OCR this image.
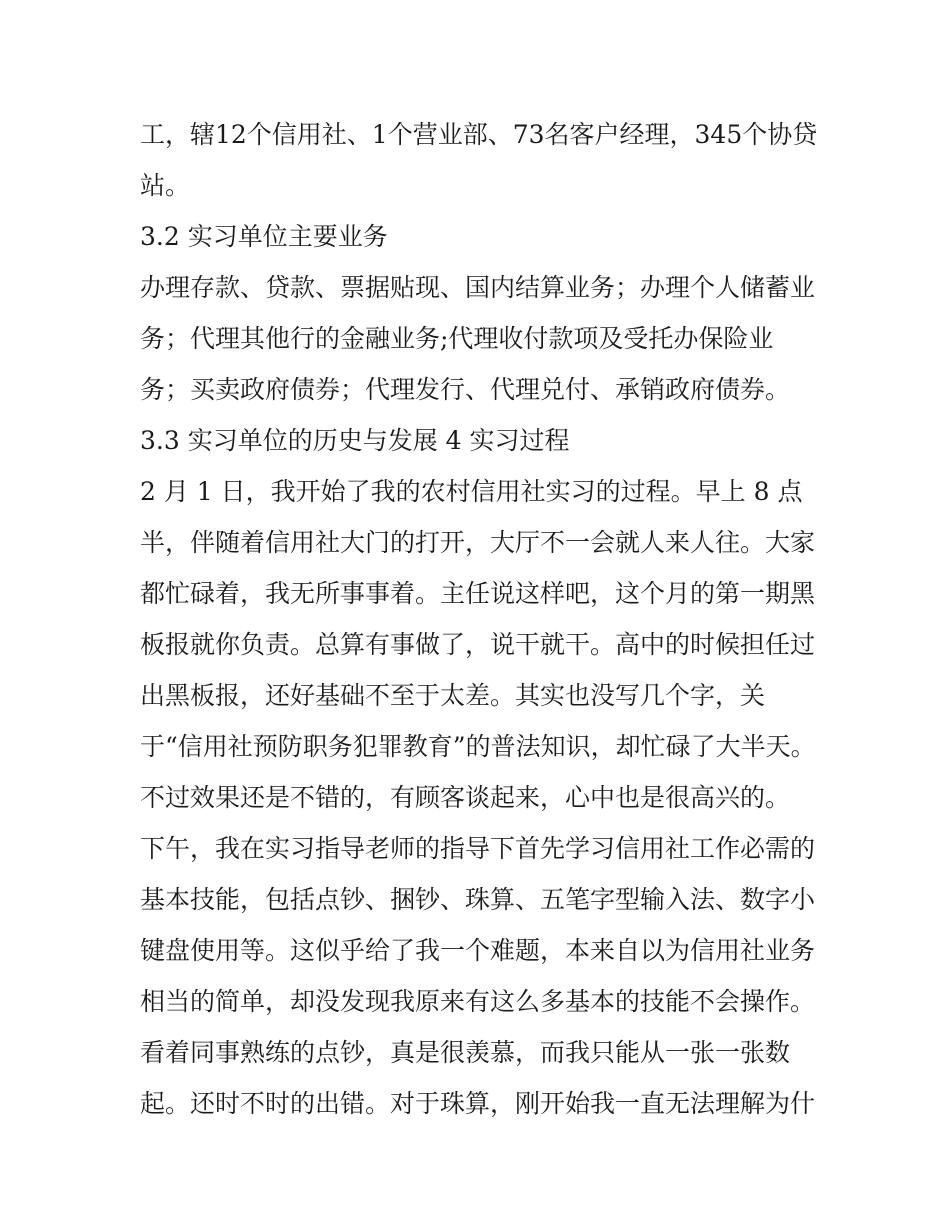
工，辖12个信用社、1个营业部、73名客户经理，345个协贷
站。
3.2 实习单位主要业务
办理存款、贷款、票据贴现、国内结算业务；办理个人储蓄业
务；代理其他行的金融业务;代理收付款项及受托办保险业
务；买卖政府债券；代理发行、代理兑付、承销政府债券。
3.3 实习单位的历史与发展 4 实习过程
2 月 1 日，我开始了我的农村信用社实习的过程。早上 8 点
半，伴随着信用社大门的打开，大厅不一会就人来人往。大家
都忙碌着，我无所事事着。主任说这样吧，这个月的第一期黑
板报就你负责。总算有事做了，说干就干。高中的时候担任过
出黑板报，还好基础不至于太差。其实也没写几个字，关
于“信用社预防职务犯罪教育”的普法知识，却忙碌了大半天。
不过效果还是不错的，有顾客谈起来，心中也是很高兴的。
下午，我在实习指导老师的指导下首先学习信用社工作必需的
基本技能，包括点钞、捆钞、珠算、五笔字型输入法、数字小
键盘使用等。这似乎给了我一个难题，本来自以为信用社业务
相当的简单，却没发现我原来有这么多基本的技能不会操作。
看着同事熟练的点钞，真是很羡慕，而我只能从一张一张数
起。还时不时的出错。对于珠算，刚开始我一直无法理解为什
